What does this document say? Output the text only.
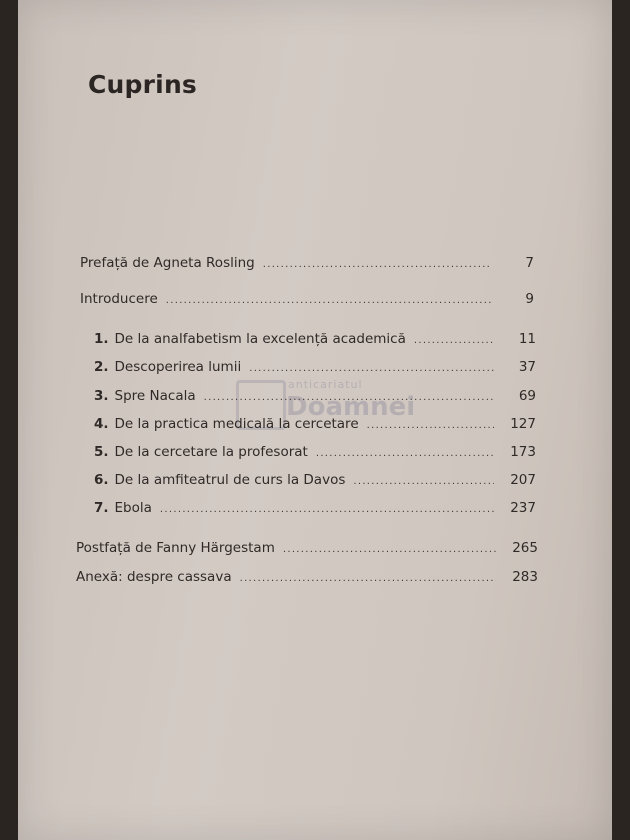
Cuprins
anticariatul
Doamnei
Prefață de Agneta Rosling .....	7
Introducere .....	9
1. De la analfabetism la excelență academică .....	11
2. Descoperirea lumii .....	37
3. Spre Nacala .....	69
4. De la practica medicală la cercetare .....	127
5. De la cercetare la profesorat .....	173
6. De la amfiteatrul de curs la Davos .....	207
7. Ebola .....	237
Postfață de Fanny Härgestam .....	265
Anexă: despre cassava .....	283
